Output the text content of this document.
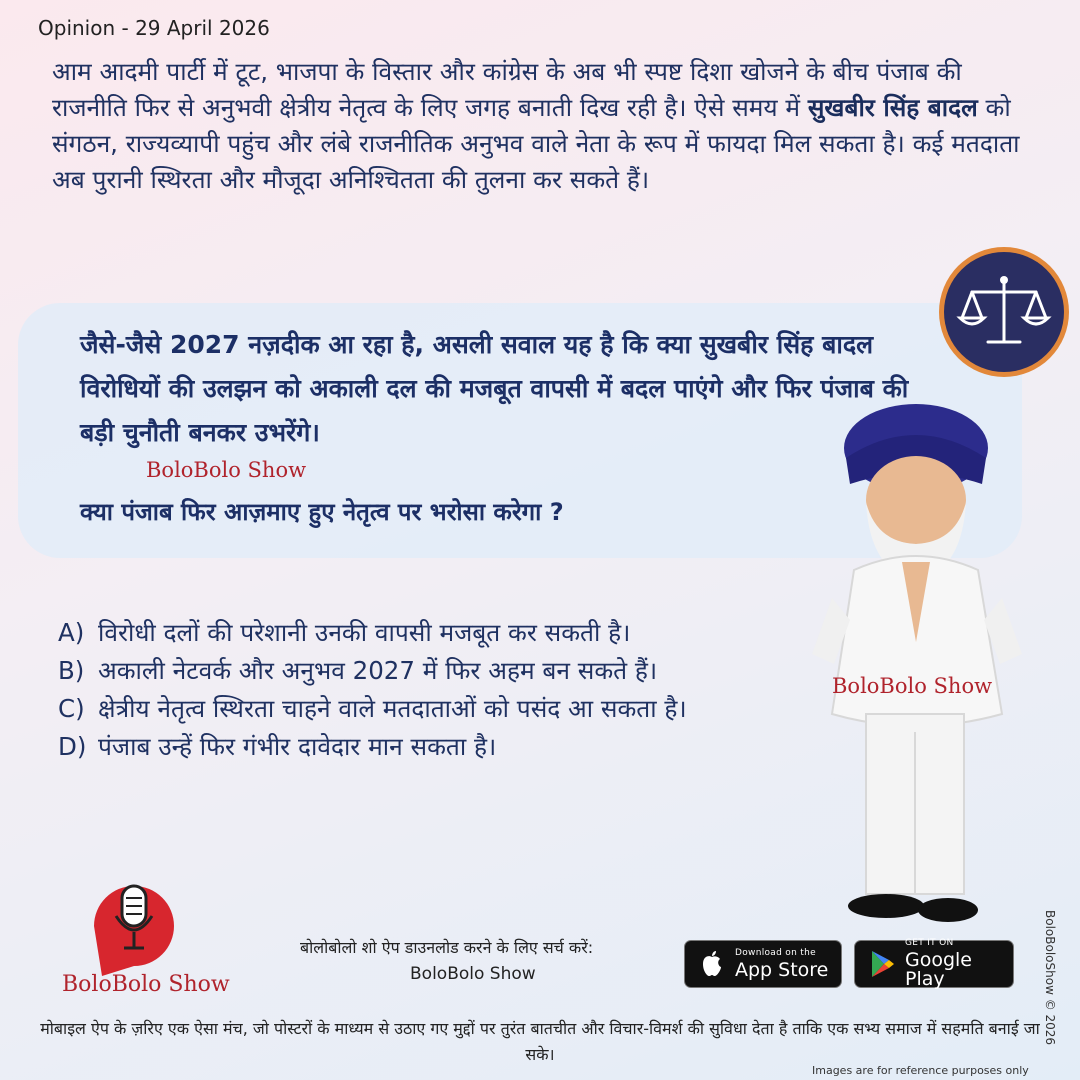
Opinion - 29 April 2026
आम आदमी पार्टी में टूट, भाजपा के विस्तार और कांग्रेस के अब भी स्पष्ट दिशा खोजने के बीच पंजाब की राजनीति फिर से अनुभवी क्षेत्रीय नेतृत्व के लिए जगह बनाती दिख रही है। ऐसे समय में सुखबीर सिंह बादल को संगठन, राज्यव्यापी पहुंच और लंबे राजनीतिक अनुभव वाले नेता के रूप में फायदा मिल सकता है। कई मतदाता अब पुरानी स्थिरता और मौजूदा अनिश्चितता की तुलना कर सकते हैं।
जैसे-जैसे 2027 नज़दीक आ रहा है, असली सवाल यह है कि क्या सुखबीर सिंह बादल विरोधियों की उलझन को अकाली दल की मजबूत वापसी में बदल पाएंगे और फिर पंजाब की बड़ी चुनौती बनकर उभरेंगे।
BoloBolo Show
क्या पंजाब फिर आज़माए हुए नेतृत्व पर भरोसा करेगा ?
A) विरोधी दलों की परेशानी उनकी वापसी मजबूत कर सकती है।
B) अकाली नेटवर्क और अनुभव 2027 में फिर अहम बन सकते हैं।
C) क्षेत्रीय नेतृत्व स्थिरता चाहने वाले मतदाताओं को पसंद आ सकता है।
D) पंजाब उन्हें फिर गंभीर दावेदार मान सकता है।
BoloBolo Show
BoloBoloShow © 2026
BoloBolo Show
बोलोबोलो शो ऐप डाउनलोड करने के लिए सर्च करें:
BoloBolo Show
Download on the
App Store
GET IT ON
Google Play
मोबाइल ऐप के ज़रिए एक ऐसा मंच, जो पोस्टरों के माध्यम से उठाए गए मुद्दों पर तुरंत बातचीत और विचार-विमर्श की सुविधा देता है ताकि एक सभ्य समाज में सहमति बनाई जा सके।
Images are for reference purposes only
